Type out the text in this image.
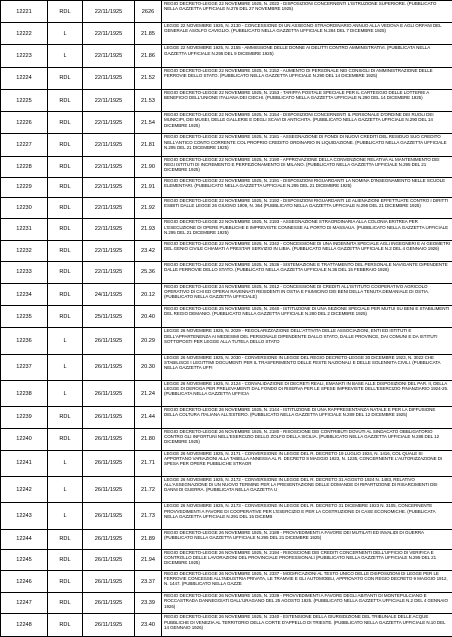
12221	RDL	22/11/1925	2626	REGIO DECRETO-LEGGE 22 NOVEMBRE 1925, N. 2022 - DISPOSIZIONI CONCERNENTI L'ISTRUZIONE SUPERIORE. (PUBBLICATO NELLA GAZZETTA UFFICIALE N.276 DEL 27 NOVEMBRE 1925)
12222	L	22/11/1925	21.85	LEGGE 22 NOVEMBRE 1925, N. 2130 - CONCESSIONE DI UN ASSEGNO STRAORDINARIO ANNUO ALLA VEDOVA E AGLI ORFANI DEL GENERALE ASOLFO CAVIGLIO. (PUBBLICATO NELLA GAZZETTA UFFICIALE N.284 DEL 7 DICEMBRE 1925)
12223	L	22/11/1925	21.86	LEGGE 22 NOVEMBRE 1925, N. 2155 - AMMISSIONE DELLE DONNE AI DELITTI CONTRO AMMINISTRATIVI. (PUBBLICATA NELLA GAZZETTA UFFICIALE N.295 DEL 9 DICEMBRE 1925)
12224	RDL	22/11/1925	21.52	REGIO DECRETO-LEGGE 22 NOVEMBRE 1925, N. 2152 - AUMENTO DI PERSONALE NEI CONSIGLI DI AMMINISTRAZIONE DELLE FERROVIE DELLO STATO. (PUBBLICATO NELLA GAZZETTA UFFICIALE N.290 DEL 14 DICEMBRE 1925)
12225	RDL	22/11/1925	21.53	REGIO DECRETO-LEGGE 22 NOVEMBRE 1925, N. 2153 - TARIFFA POSTALE SPECIALE PER IL CARTEGGIO DELLE LOTTERIE A BENEFICIO DELL'UNIONE ITALIANA DEI CIECHI. (PUBBLICATO NELLA GAZZETTA UFFICIALE N.290 DEL 14 DICEMBRE 1925)
12226	RDL	22/11/1925	21.54	REGIO DECRETO-LEGGE 22 NOVEMBRE 1925, N. 2154 - DISPOSIZIONI CONCERNENTI IL PERSONALE D'ORDINE DEI RUOLI DEI MUNICIPI, DEI MUSEI, DELLE GALLERIE E DEGLI SCAVI DI ANTICHITA. (PUBBLICATO NELLA GAZZETTA UFFICIALE N.290 DEL 14 DICEMBRE 1925)
12227	RDL	22/11/1925	21.81	REGIO DECRETO-LEGGE 22 NOVEMBRE 1925, N. 2181 - ASSEGNAZIONE DI FONDI DI NUOVI CREDITI DEL RESIDUO SUO CREDITO NELL'ANTICO CONTO CORRENTE COL PROPRIO CREDITO ORDINARIO IN LIQUIDAZIONE. (PUBBLICATO NELLA GAZZETTA UFFICIALE N.295 DEL 21 DICEMBRE 1925)
12228	RDL	22/11/1925	21.90	REGIO DECRETO-LEGGE 22 NOVEMBRE 1925, N. 2190 - APPROVAZIONE DELLA CONVENZIONE RELATIVA AL MANTENIMENTO DEI REGI ISTITUTI DI INCREMENTO E PERFEZIONAMENTO DI MILANO. (PUBBLICATO NELLA GAZZETTA UFFICIALE N.295 DEL 21 DICEMBRE 1925)
12229	RDL	22/11/1925	21.91	REGIO DECRETO-LEGGE 22 NOVEMBRE 1925, N. 2191 - DISPOSIZIONI RIGUARDANTI LA NOMINA D'INSEGNAMENTO NELLE SCUOLE ELEMENTARI. (PUBBLICATO NELLA GAZZETTA UFFICIALE N.295 DEL 21 DICEMBRE 1925)
12230	RDL	22/11/1925	21.92	REGIO DECRETO-LEGGE 22 NOVEMBRE 1925, N. 2192 - DISPOSIZIONI RIGUARDANTI LE ALIENAZIONI EFFETTUATE CONTRO I DIRITTI ESIBITI DALLE LEGGE 26 GIUGNO 1909, N. 364 (PUBBLICATO NELLA GAZZETTA UFFICIALE N.295 DEL 21 DICEMBRE 1925)
12231	RDL	22/11/1925	21.93	REGIO DECRETO-LEGGE 22 NOVEMBRE 1925, N. 2193 - ASSEGNAZIONE STRAORDINARIA ALLA COLONIA ERITREA PER L'ESECUZIONE DI OPERE PUBBLICHE E IMPREVISTE CONNESSE AL PORTO DI MASSAUA. (PUBBLICATO NELLA GAZZETTA UFFICIALE N.295 DEL 21 DICEMBRE 1925)
12232	RDL	22/11/1925	23.42	REGIO DECRETO-LEGGE 22 NOVEMBRE 1925, N. 2342 - CONCESSIONE DI UNA INDENNITA SPECIALE AGLI INGEGNERI E AI GEOMETRI DEL GENIO CIVILE CHIAMATI A PRESTAR SERVIZIO IN LIBIA. (PUBBLICATO NELLA GAZZETTA UFFICIALE N.2 DEL 4 GENNAIO 1926)
12233	RDL	22/11/1925	25.36	REGIO DECRETO-LEGGE 22 NOVEMBRE 1925, N. 2536 - SISTEMAZIONE E TRATTAMENTO DEL PERSONALE NAVIGANTE DIPENDENTE DALLE FERROVIE DELLO STATO. (PUBBLICATO NELLA GAZZETTA UFFICIALE N.36 DEL 15 FEBBRAIO 1926)
12234	RDL	24/11/1925	20.12	REGIO DECRETO-LEGGE 24 NOVEMBRE 1925, N. 2012 - CONCESSIONE DI CREDITI ALL'ISTITUTO COOPERATIVO AGRICOLO OPERATIVO DI CHI ED OPERAI RAVENNATI RESIDENTI IN OSTIA E FIUMICINO DEI BENI DELLA TENUTA DEMANIALE DI OSTIA. (PUBBLICATO NELLA GAZZETTA UFFICIALE)
12235	RDL	25/11/1925	20.40	REGIO DECRETO-LEGGE 25 NOVEMBRE 1925, N. 2040 - ISTITUZIONE DI UNA SEZIONE SPECIALE PER MUTUI SU BENI E STABILIMENTI DEL REGIO DEMANIO. (PUBBLICATO NELLA GAZZETTA UFFICIALE N.280 DEL 2 DICEMBRE 1925)
12236	L	26/11/1925	20.29	LEGGE 26 NOVEMBRE 1925, N. 2029 - REGOLARIZZAZIONE DELL'ATTIVITA DELLE ASSOCIAZIONI, ENTI ED ISTITUTI E DELL'APPARTENENZA AI MEDESIMI DEL PERSONALE DIPENDENTE DALLO STATO, DALLE PROVINCE, DAI COMUNI E DA ISTITUTI SOTTOPOSTI PER LEGGE ALLA TUTELA DELLO STATO
12237	L	26/11/1925	20.30	LEGGE 26 NOVEMBRE 1925, N. 2030 - CONVERSIONE IN LEGGE DEL REGIO DECRETO-LEGGE 30 DICEMBRE 1923, N. 3022 CHE STABILISCE I LEGITTIMI DOCUMENTI PER IL TRASFERIMENTO DELLE FESTE NAZIONALI E DELLE SOLENNITA CIVILI. (PUBBLICATA NELLA GAZZETTA UFFI
12238	L	26/11/1925	21.24	LEGGE 26 NOVEMBRE 1925, N. 2124 - CONVALIDAZIONE DI DECRETI REALI, EMANATI IN BASE ALLE DISPOSIZIONI DEL PAR. II, DELLA LEGGE DI DEROGA PER PRELEVAMENTI DAL FONDO DI RISERVA PER LE SPESE IMPREVISTE DELL'ESERCIZIO FINANZIARIO 1924-25. (PUBBLICATA NELLA GAZZETTA UFFICIA
12239	RDL	26/11/1925	21.44	REGIO DECRETO-LEGGE 26 NOVEMBRE 1925, N. 2144 - ISTITUZIONE DI UNA RAPPRESENTANZA NATALE E PER LA DIFFUSIONE DELLA COLTURA ITALIANA ALL'ESTERO. (PUBBLICATO NELLA GAZZETTA UFFICIALE N.289 DEL 12 DICEMBRE 1925)
12240	RDL	26/11/1925	21.80	REGIO DECRETO-LEGGE 26 NOVEMBRE 1925, N. 2180 - RISOSCIONE DEI CONTRIBUTI DOVUTI AL SINDACATO OBBLIGATORIO CONTRO GLI INFORTUNI NELL'ESERCIZIO DELLO ZOLFO DELLA SICILIA. (PUBBLICATO NELLA GAZZETTA UFFICIALE N.288 DEL 12 DICEMBRE 1925)
12241	L	26/11/1925	21.71	LEGGE 26 NOVEMBRE 1925, N. 2171 - CONVERSIONE IN LEGGE DEL R. DECRETO 19 LUGLIO 1924, N. 1416, COL QUALE SI APPORTANO VARIAZIONI ALLA TABELLA ANNESSA AL R. DECRETO 8 MAGGIO 1923, N. 1235, CONCERNENTE L'AUTORIZZAZIONE DI SPESA PER OPERE PUBBLICHE STRAOR
12242	L	26/11/1925	21.72	LEGGE 26 NOVEMBRE 1925, N. 2172 - CONVERSIONE IN LEGGE DEL R. DECRETO 31 AGOSTO 1924 N. 1483, RELATIVO ALL'ASSEGNAZIONE DI UN NUOVO TERMINE PER LA PRESENTAZIONE DELLE DOMANDE DI RIPARTIZIONE DI RISARCIMENTI DEI DANNI DI GUERRA. (PUBBLICATA NELLA GAZZETTA U
12243	L	26/11/1925	21.73	LEGGE 26 NOVEMBRE 1925, N. 2173 - CONVERSIONE IN LEGGE DEL R. DECRETO 31 DICEMBRE 1923 N. 3105, CONCERNENTE PROVVEDIMENTI A FAVORE DI COOPERATIVE PER L'ESERCIZIO E PER LA COSTRUZIONE DI CASE ECONOMICHE. (PUBBLICATA NELLA GAZZETTA UFFICIALE N.291 DEL 15 DICEMB
12244	RDL	26/11/1925	21.89	REGIO DECRETO-LEGGE 26 NOVEMBRE 1925, N. 2189 - PROVVEDIMENTI A FAVORE DEI MUTILATI ED INVALIDI DI GUERRA (PUBBLICATO NELLA GAZZETTA UFFICIALE N.295 DEL 21 DICEMBRE 1925)
12245	RDL	26/11/1925	21.94	REGIO DECRETO-LEGGE 26 NOVEMBRE 1925, N. 2194 - RISOSCIONE DEI CREDITI CONCERNENTI DELL'UFFICIO DI VERIFICA E CONTROLLO DELLE LAVORAZIONI DEL PROVINCIALE PROFESSIONALI (PUBBLICATO NELLA GAZZETTA UFFICIALE N.295 DEL 21 DICEMBRE 1925)
12246	RDL	26/11/1925	23.37	REGIO DECRETO-LEGGE 26 NOVEMBRE 1925, N. 2337 - MODIFICAZIONI AL TESTO UNICO DELLE DISPOSIZIONI DI LEGGE PER LE FERROVIE CONCESSE ALL'INDUSTRIA PRIVATA, LE TRAMVIE E GLI AUTOMOBILI, APPROVATO CON REGIO DECRETO 9 MAGGIO 1912, N. 1447. (PUBBLICATO NELLA GAZZE
12247	RDL	26/11/1925	23.39	REGIO DECRETO-LEGGE 26 NOVEMBRE 1925, N. 2339 - PROVVEDIMENTI A FAVORE DEGLI ABITANTI DI MONTEPULCIANO E ROCCASTRADA DANNEGGIATI DALL'URAGANO DEL 25 AGOSTO 1925. (PUBBLICATO NELLA GAZZETTA UFFICIALE N.2 DEL 4 GENNAIO 1926)
12248	RDL	26/11/1925	23.40	REGIO DECRETO-LEGGE 26 NOVEMBRE 1925, N. 2340 - ESTENSIONE DELLA GIURISDIZIONE DEL TRIBUNALE DELLE ACQUE PUBBLICHE DI VENEZIA AL TERRITORIO DELLA CORTE D'APPELLO DI TRIESTE. (PUBBLICATO NELLA GAZZETTA UFFICIALE N.10 DEL 14 GENNAIO 1926)
